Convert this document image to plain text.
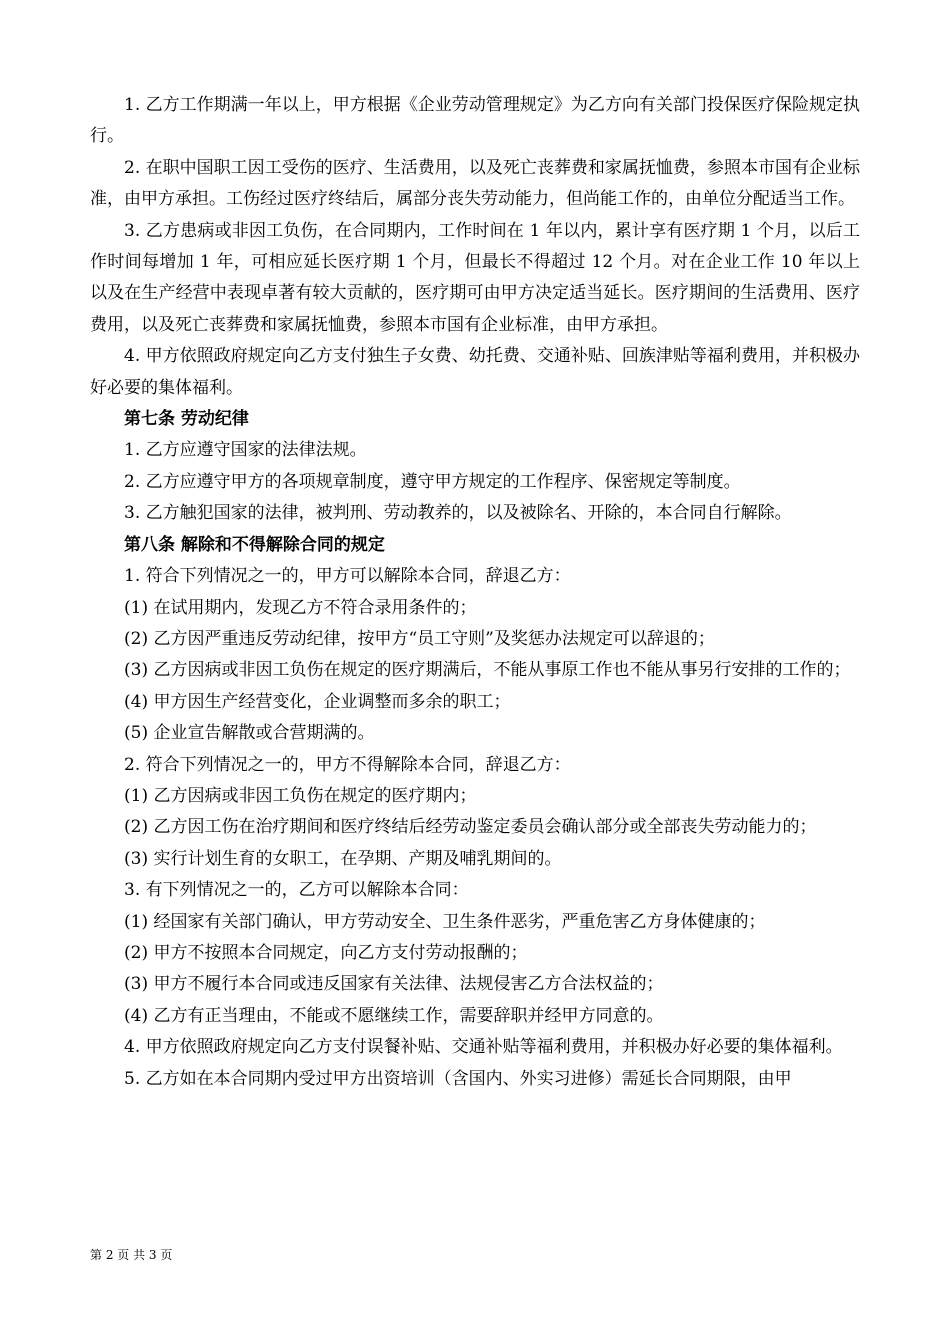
1. 乙方工作期满一年以上，甲方根据《企业劳动管理规定》为乙方向有关部门投保医疗保险规定执行。

2. 在职中国职工因工受伤的医疗、生活费用，以及死亡丧葬费和家属抚恤费，参照本市国有企业标准，由甲方承担。工伤经过医疗终结后，属部分丧失劳动能力，但尚能工作的，由单位分配适当工作。

3. 乙方患病或非因工负伤，在合同期内，工作时间在 1 年以内，累计享有医疗期 1 个月，以后工作时间每增加 1 年，可相应延长医疗期 1 个月，但最长不得超过 12 个月。对在企业工作 10 年以上以及在生产经营中表现卓著有较大贡献的，医疗期可由甲方决定适当延长。医疗期间的生活费用、医疗费用，以及死亡丧葬费和家属抚恤费，参照本市国有企业标准，由甲方承担。

4. 甲方依照政府规定向乙方支付独生子女费、幼托费、交通补贴、回族津贴等福利费用，并积极办好必要的集体福利。

第七条 劳动纪律

1. 乙方应遵守国家的法律法规。

2. 乙方应遵守甲方的各项规章制度，遵守甲方规定的工作程序、保密规定等制度。

3. 乙方触犯国家的法律，被判刑、劳动教养的，以及被除名、开除的，本合同自行解除。

第八条 解除和不得解除合同的规定

1. 符合下列情况之一的，甲方可以解除本合同，辞退乙方：

(1) 在试用期内，发现乙方不符合录用条件的；

(2) 乙方因严重违反劳动纪律，按甲方“员工守则”及奖惩办法规定可以辞退的；

(3) 乙方因病或非因工负伤在规定的医疗期满后，不能从事原工作也不能从事另行安排的工作的；

(4) 甲方因生产经营变化，企业调整而多余的职工；

(5) 企业宣告解散或合营期满的。

2. 符合下列情况之一的，甲方不得解除本合同，辞退乙方：

(1) 乙方因病或非因工负伤在规定的医疗期内；

(2) 乙方因工伤在治疗期间和医疗终结后经劳动鉴定委员会确认部分或全部丧失劳动能力的；

(3) 实行计划生育的女职工，在孕期、产期及哺乳期间的。

3. 有下列情况之一的，乙方可以解除本合同：

(1) 经国家有关部门确认，甲方劳动安全、卫生条件恶劣，严重危害乙方身体健康的；

(2) 甲方不按照本合同规定，向乙方支付劳动报酬的；

(3) 甲方不履行本合同或违反国家有关法律、法规侵害乙方合法权益的；

(4) 乙方有正当理由，不能或不愿继续工作，需要辞职并经甲方同意的。

4. 甲方依照政府规定向乙方支付误餐补贴、交通补贴等福利费用，并积极办好必要的集体福利。

5. 乙方如在本合同期内受过甲方出资培训（含国内、外实习进修）需延长合同期限，由甲

第 2 页 共 3 页
